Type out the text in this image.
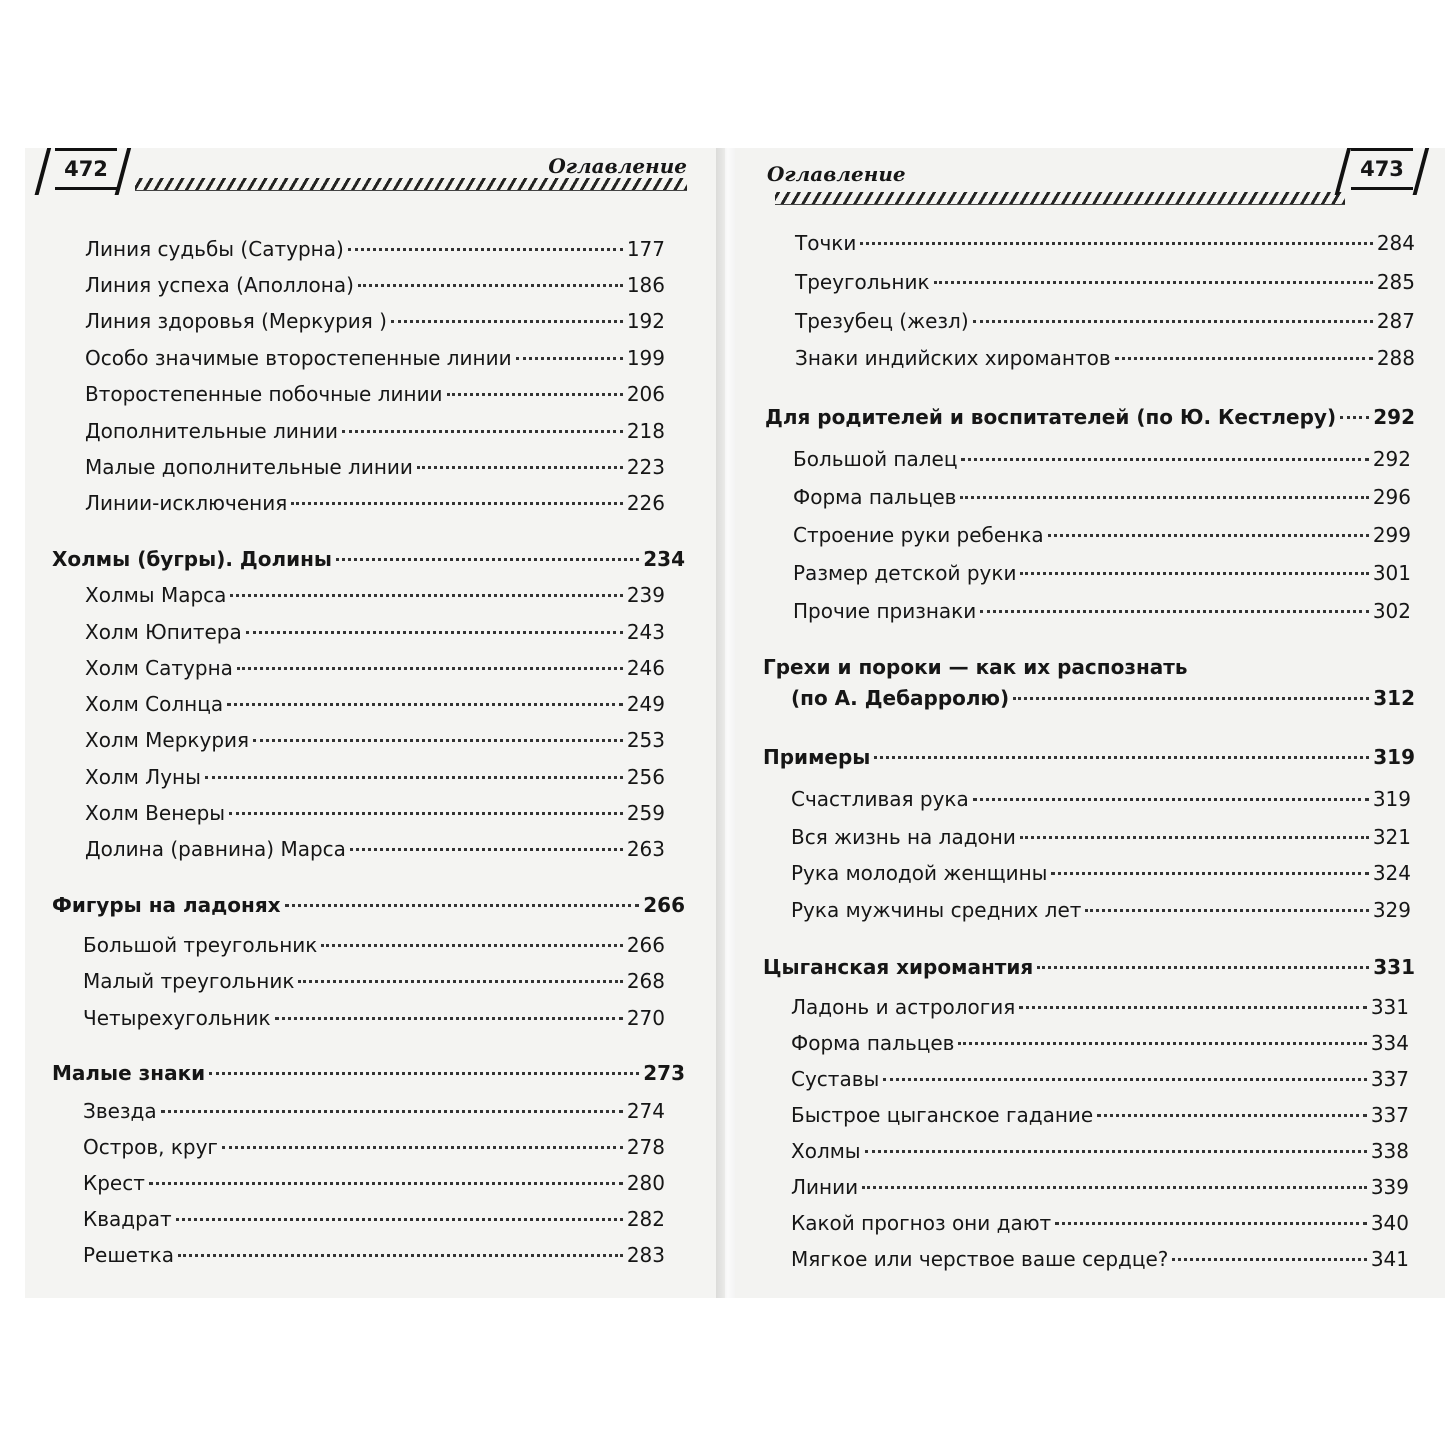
472	Оглавление
Линия судьбы (Сатурна)	177
Линия успеха (Аполлона)	186
Линия здоровья (Меркурия )	192
Особо значимые второстепенные линии	199
Второстепенные побочные линии	206
Дополнительные линии	218
Малые дополнительные линии	223
Линии-исключения	226
Холмы (бугры). Долины	234
Холмы Марса	239
Холм Юпитера	243
Холм Сатурна	246
Холм Солнца	249
Холм Меркурия	253
Холм Луны	256
Холм Венеры	259
Долина (равнина) Марса	263
Фигуры на ладонях	266
Большой треугольник	266
Малый треугольник	268
Четырехугольник	270
Малые знаки	273
Звезда	274
Остров, круг	278
Крест	280
Квадрат	282
Решетка	283
Оглавление	473
Точки	284
Треугольник	285
Трезубец (жезл)	287
Знаки индийских хиромантов	288
Для родителей и воспитателей (по Ю. Кестлеру) 292
Большой палец	292
Форма пальцев	296
Строение руки ребенка	299
Размер детской руки	301
Прочие признаки	302
Грехи и пороки — как их распознать
(по А. Дебарролю)	312
Примеры	319
Счастливая рука	319
Вся жизнь на ладони	321
Рука молодой женщины	324
Рука мужчины средних лет	329
Цыганская хиромантия	331
Ладонь и астрология	331
Форма пальцев	334
Суставы	337
Быстрое цыганское гадание	337
Холмы	338
Линии	339
Какой прогноз они дают	340
Мягкое или черствое ваше сердце?	341
